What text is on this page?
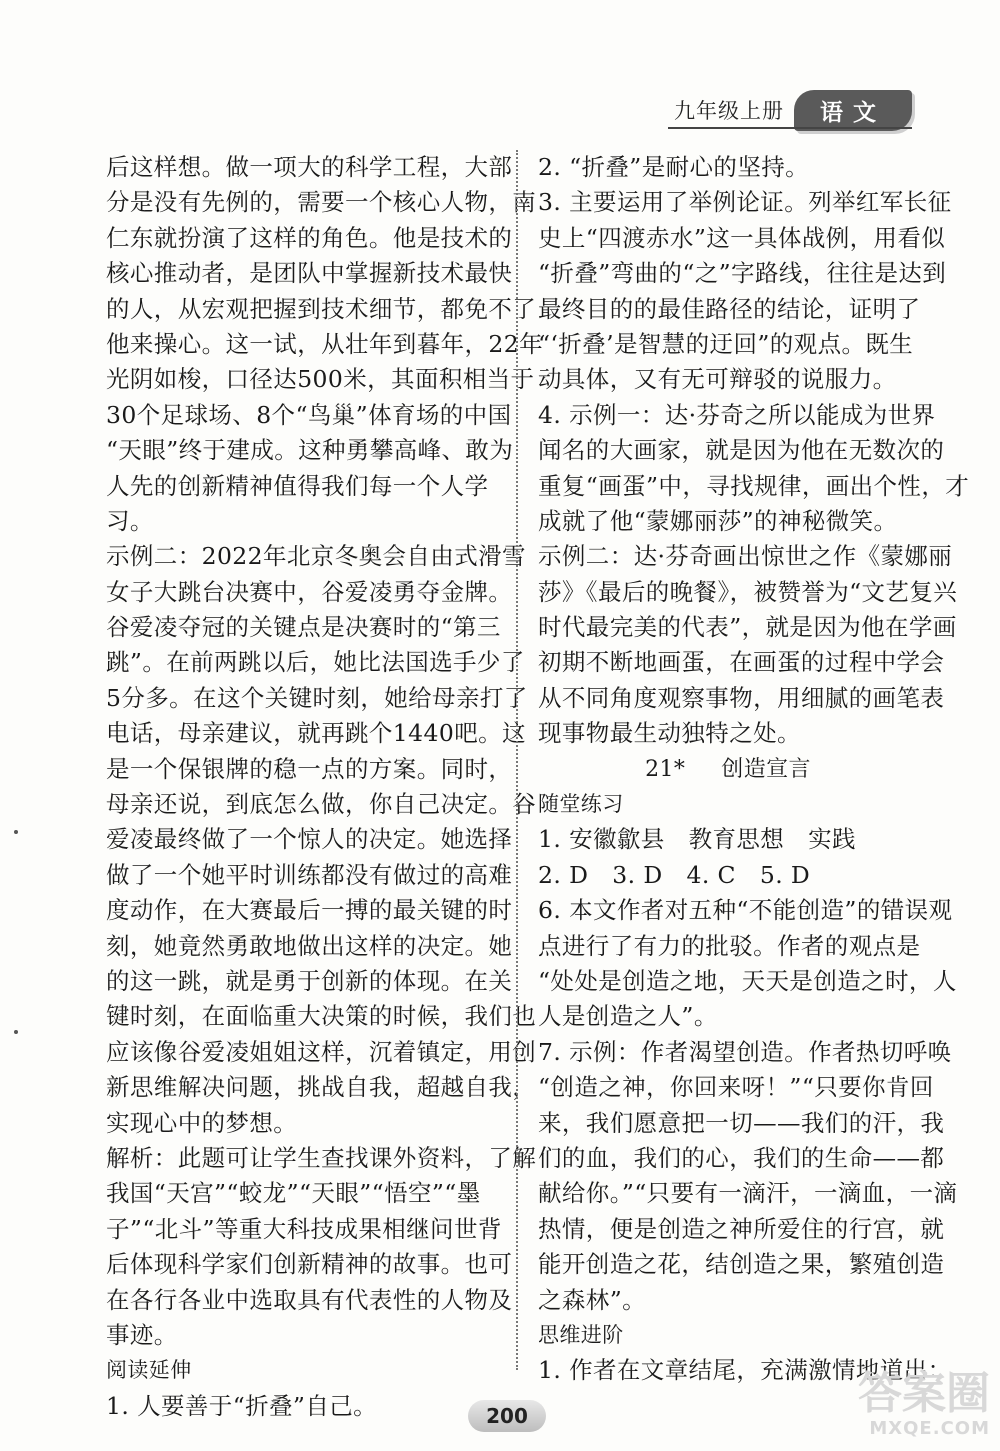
九年级上册	语文
后这样想。做一项大的科学工程，大部
分是没有先例的，需要一个核心人物，南
仁东就扮演了这样的角色。他是技术的
核心推动者，是团队中掌握新技术最快
的人，从宏观把握到技术细节，都免不了
他来操心。这一试，从壮年到暮年，22年
光阴如梭，口径达500米，其面积相当于
30个足球场、8个“鸟巢”体育场的中国
“天眼”终于建成。这种勇攀高峰、敢为
人先的创新精神值得我们每一个人学
习。
示例二：2022年北京冬奥会自由式滑雪
女子大跳台决赛中，谷爱凌勇夺金牌。
谷爱凌夺冠的关键点是决赛时的“第三
跳”。在前两跳以后，她比法国选手少了
5分多。在这个关键时刻，她给母亲打了
电话，母亲建议，就再跳个1440吧。这
是一个保银牌的稳一点的方案。同时，
母亲还说，到底怎么做，你自己决定。谷
爱凌最终做了一个惊人的决定。她选择
做了一个她平时训练都没有做过的高难
度动作，在大赛最后一搏的最关键的时
刻，她竟然勇敢地做出这样的决定。她
的这一跳，就是勇于创新的体现。在关
键时刻，在面临重大决策的时候，我们也
应该像谷爱凌姐姐这样，沉着镇定，用创
新思维解决问题，挑战自我，超越自我，
实现心中的梦想。
解析：此题可让学生查找课外资料，了解
我国“天宫”“蛟龙”“天眼”“悟空”“墨
子”“北斗”等重大科技成果相继问世背
后体现科学家们创新精神的故事。也可
在各行各业中选取具有代表性的人物及
事迹。
阅读延伸
1. 人要善于“折叠”自己。
2. “折叠”是耐心的坚持。
3. 主要运用了举例论证。列举红军长征
史上“四渡赤水”这一具体战例，用看似
“折叠”弯曲的“之”字路线，往往是达到
最终目的的最佳路径的结论，证明了
“‘折叠’是智慧的迂回”的观点。既生
动具体，又有无可辩驳的说服力。
4. 示例一：达·芬奇之所以能成为世界
闻名的大画家，就是因为他在无数次的
重复“画蛋”中，寻找规律，画出个性，才
成就了他“蒙娜丽莎”的神秘微笑。
示例二：达·芬奇画出惊世之作《蒙娜丽
莎》《最后的晚餐》，被赞誉为“文艺复兴
时代最完美的代表”，就是因为他在学画
初期不断地画蛋，在画蛋的过程中学会
从不同角度观察事物，用细腻的画笔表
现事物最生动独特之处。
21* 创造宣言
随堂练习
1. 安徽歙县　教育思想　实践
2. D　3. D　4. C　5. D
6. 本文作者对五种“不能创造”的错误观
点进行了有力的批驳。作者的观点是
“处处是创造之地，天天是创造之时，人
人是创造之人”。
7. 示例：作者渴望创造。作者热切呼唤
“创造之神，你回来呀！”“只要你肯回
来，我们愿意把一切——我们的汗，我
们的血，我们的心，我们的生命——都
献给你。”“只要有一滴汗，一滴血，一滴
热情，便是创造之神所爱住的行宫，就
能开创造之花，结创造之果，繁殖创造
之森林”。
思维进阶
1. 作者在文章结尾，充满激情地道出：
200	答案圈
MXQE.COM
